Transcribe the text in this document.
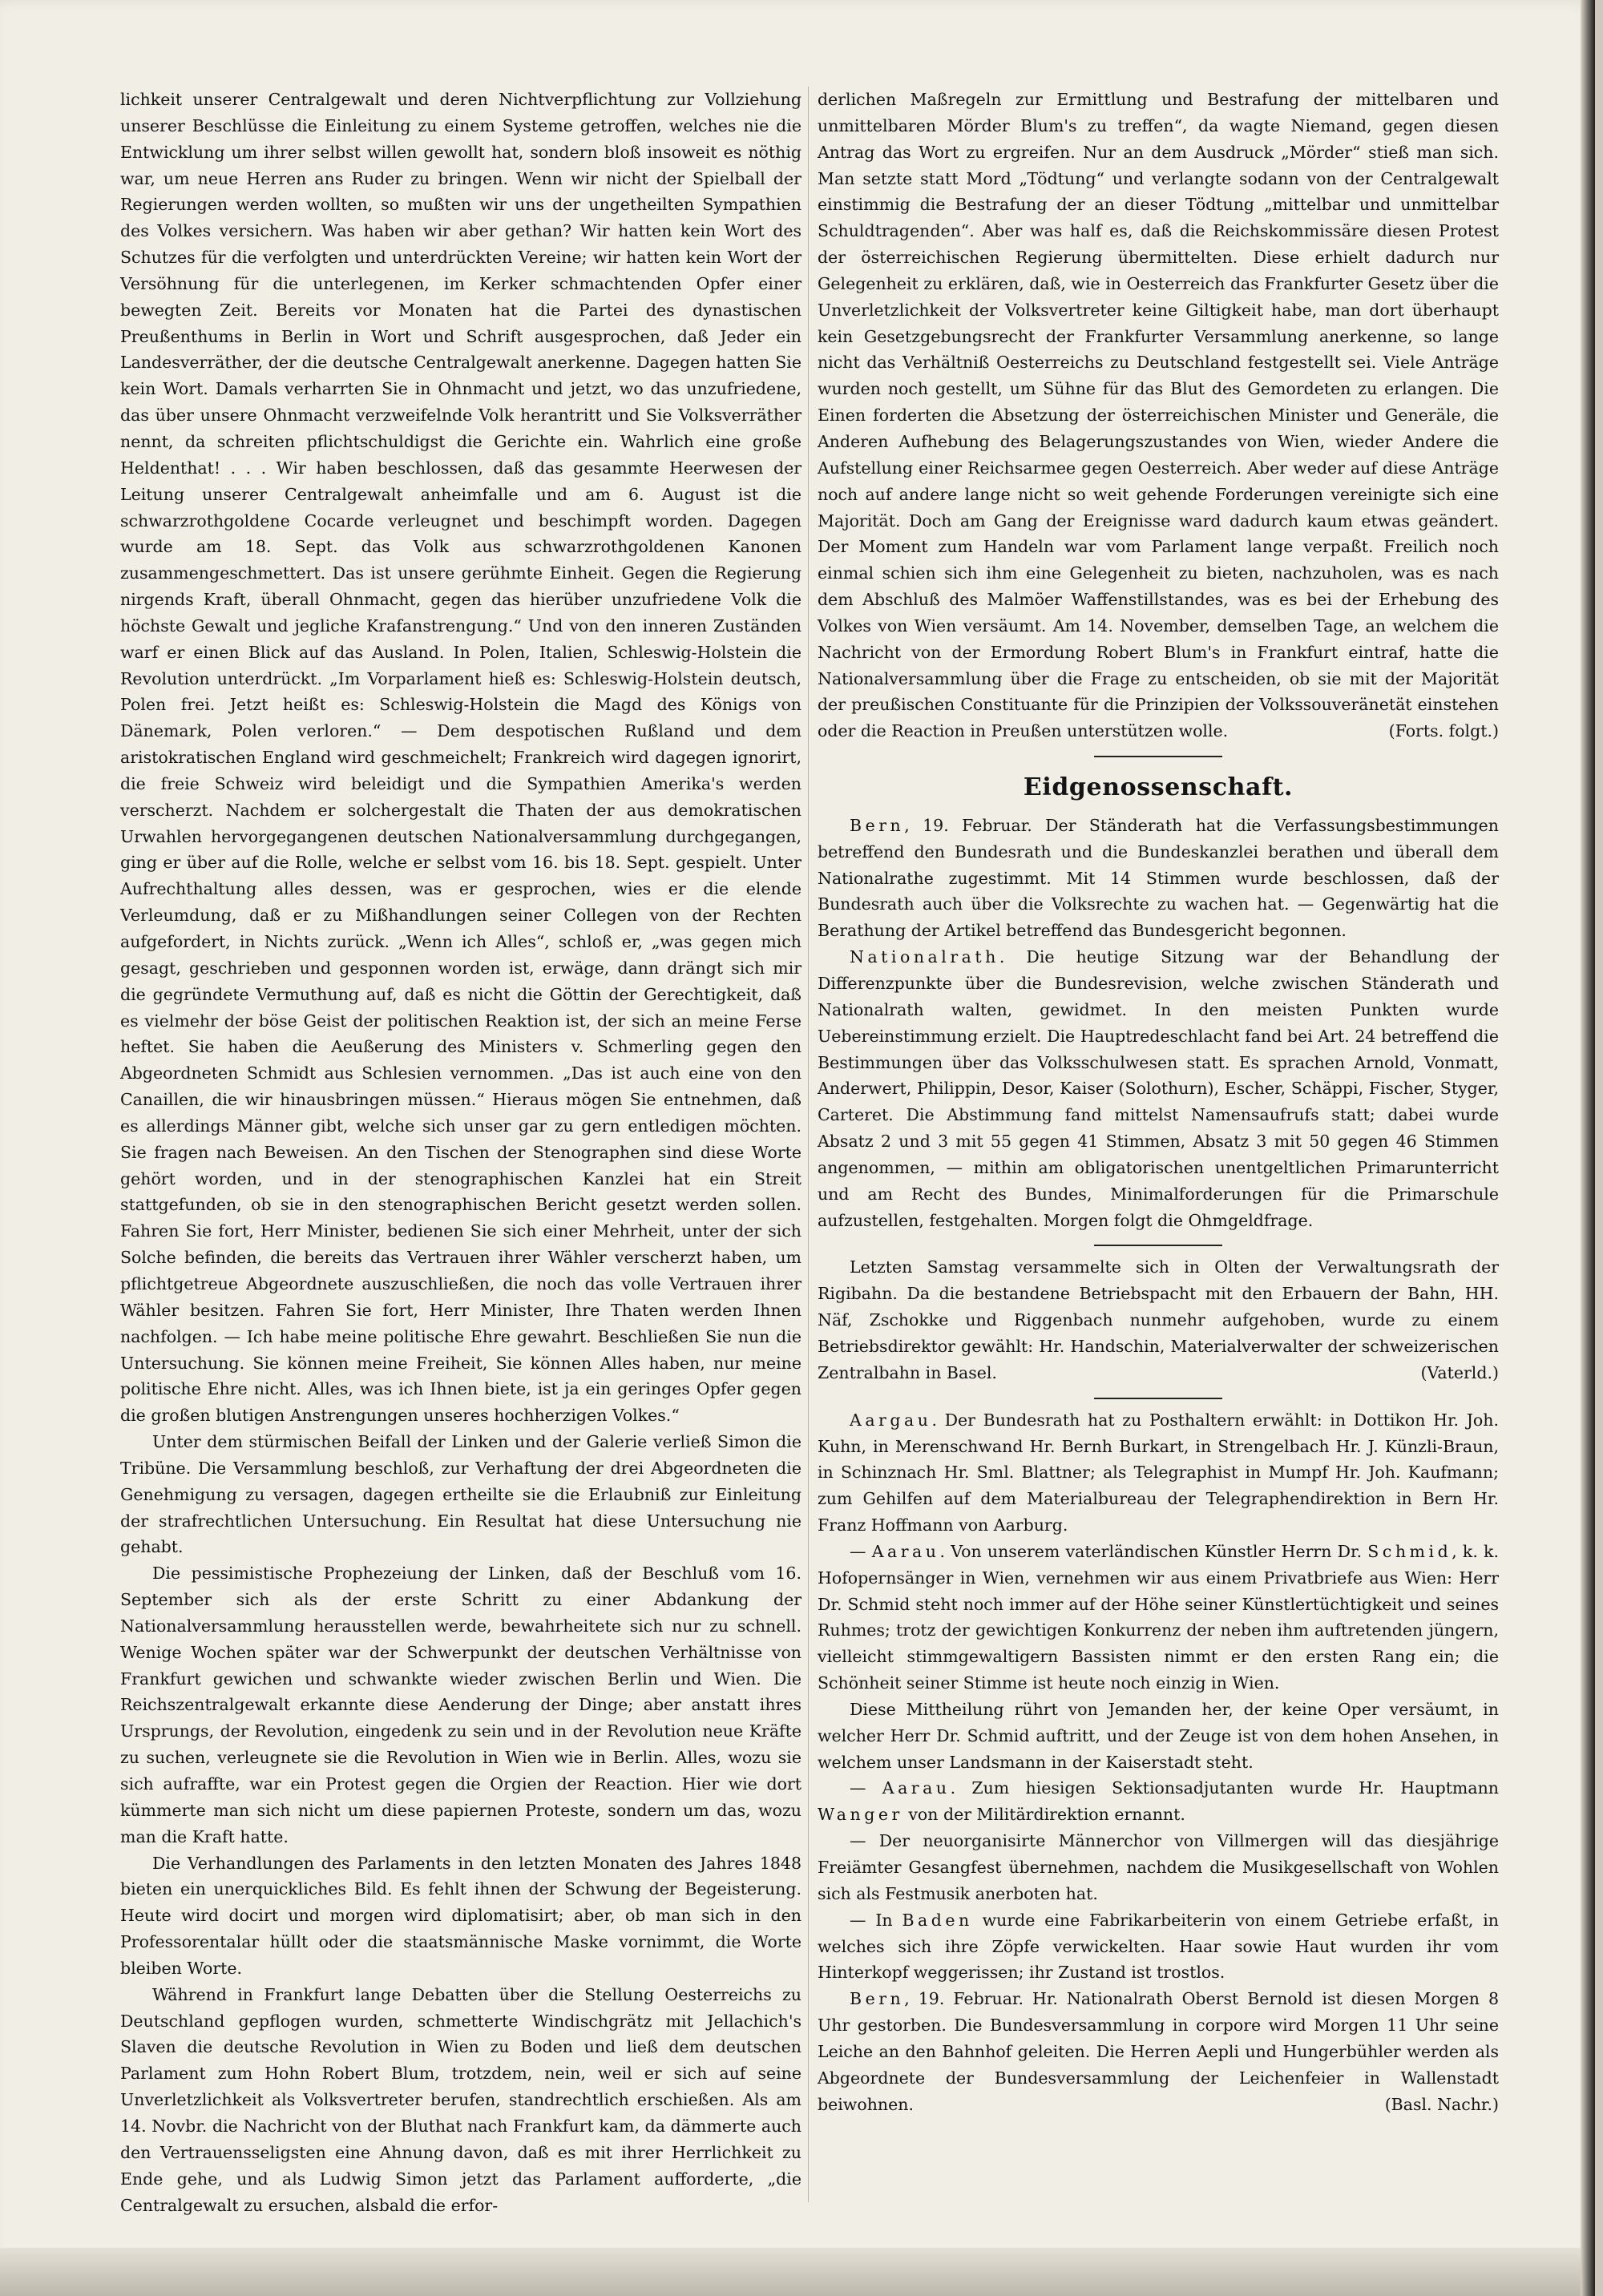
lichkeit unserer Centralgewalt und deren Nichtverpflichtung zur Vollziehung unserer Beschlüsse die Einleitung zu einem Systeme getroffen, welches nie die Entwicklung um ihrer selbst willen gewollt hat, sondern bloß insoweit es nöthig war, um neue Herren ans Ruder zu bringen. Wenn wir nicht der Spielball der Regierungen werden wollten, so mußten wir uns der ungetheilten Sympathien des Volkes versichern. Was haben wir aber gethan? Wir hatten kein Wort des Schutzes für die verfolgten und unterdrückten Vereine; wir hatten kein Wort der Versöhnung für die unterlegenen, im Kerker schmachtenden Opfer einer bewegten Zeit. Bereits vor Monaten hat die Partei des dynastischen Preußenthums in Berlin in Wort und Schrift ausgesprochen, daß Jeder ein Landesverräther, der die deutsche Centralgewalt anerkenne. Dagegen hatten Sie kein Wort. Damals verharrten Sie in Ohnmacht und jetzt, wo das unzufriedene, das über unsere Ohnmacht verzweifelnde Volk herantritt und Sie Volksverräther nennt, da schreiten pflichtschuldigst die Gerichte ein. Wahrlich eine große Heldenthat! . . . Wir haben beschlossen, daß das gesammte Heerwesen der Leitung unserer Centralgewalt anheimfalle und am 6. August ist die schwarzrothgoldene Cocarde verleugnet und beschimpft worden. Dagegen wurde am 18. Sept. das Volk aus schwarzrothgoldenen Kanonen zusammengeschmettert. Das ist unsere gerühmte Einheit. Gegen die Regierung nirgends Kraft, überall Ohnmacht, gegen das hierüber unzufriedene Volk die höchste Gewalt und jegliche Krafanstrengung.“ Und von den inneren Zuständen warf er einen Blick auf das Ausland. In Polen, Italien, Schleswig-Holstein die Revolution unterdrückt. „Im Vorparlament hieß es: Schleswig-Holstein deutsch, Polen frei. Jetzt heißt es: Schleswig-Holstein die Magd des Königs von Dänemark, Polen verloren.“ — Dem despotischen Rußland und dem aristokratischen England wird geschmeichelt; Frankreich wird dagegen ignorirt, die freie Schweiz wird beleidigt und die Sympathien Amerika's werden verscherzt. Nachdem er solchergestalt die Thaten der aus demokratischen Urwahlen hervorgegangenen deutschen Nationalversammlung durchgegangen, ging er über auf die Rolle, welche er selbst vom 16. bis 18. Sept. gespielt. Unter Aufrechthaltung alles dessen, was er gesprochen, wies er die elende Verleumdung, daß er zu Mißhandlungen seiner Collegen von der Rechten aufgefordert, in Nichts zurück. „Wenn ich Alles“, schloß er, „was gegen mich gesagt, geschrieben und gesponnen worden ist, erwäge, dann drängt sich mir die gegründete Vermuthung auf, daß es nicht die Göttin der Gerechtigkeit, daß es vielmehr der böse Geist der politischen Reaktion ist, der sich an meine Ferse heftet. Sie haben die Aeußerung des Ministers v. Schmerling gegen den Abgeordneten Schmidt aus Schlesien vernommen. „Das ist auch eine von den Canaillen, die wir hinausbringen müssen.“ Hieraus mögen Sie entnehmen, daß es allerdings Männer gibt, welche sich unser gar zu gern entledigen möchten. Sie fragen nach Beweisen. An den Tischen der Stenographen sind diese Worte gehört worden, und in der stenographischen Kanzlei hat ein Streit stattgefunden, ob sie in den stenographischen Bericht gesetzt werden sollen. Fahren Sie fort, Herr Minister, bedienen Sie sich einer Mehrheit, unter der sich Solche befinden, die bereits das Vertrauen ihrer Wähler verscherzt haben, um pflichtgetreue Abgeordnete auszuschließen, die noch das volle Vertrauen ihrer Wähler besitzen. Fahren Sie fort, Herr Minister, Ihre Thaten werden Ihnen nachfolgen. — Ich habe meine politische Ehre gewahrt. Beschließen Sie nun die Untersuchung. Sie können meine Freiheit, Sie können Alles haben, nur meine politische Ehre nicht. Alles, was ich Ihnen biete, ist ja ein geringes Opfer gegen die großen blutigen Anstrengungen unseres hochherzigen Volkes.“

Unter dem stürmischen Beifall der Linken und der Galerie verließ Simon die Tribüne. Die Versammlung beschloß, zur Verhaftung der drei Abgeordneten die Genehmigung zu versagen, dagegen ertheilte sie die Erlaubniß zur Einleitung der strafrechtlichen Untersuchung. Ein Resultat hat diese Untersuchung nie gehabt.

Die pessimistische Prophezeiung der Linken, daß der Beschluß vom 16. September sich als der erste Schritt zu einer Abdankung der Nationalversammlung herausstellen werde, bewahrheitete sich nur zu schnell. Wenige Wochen später war der Schwerpunkt der deutschen Verhältnisse von Frankfurt gewichen und schwankte wieder zwischen Berlin und Wien. Die Reichszentralgewalt erkannte diese Aenderung der Dinge; aber anstatt ihres Ursprungs, der Revolution, eingedenk zu sein und in der Revolution neue Kräfte zu suchen, verleugnete sie die Revolution in Wien wie in Berlin. Alles, wozu sie sich aufraffte, war ein Protest gegen die Orgien der Reaction. Hier wie dort kümmerte man sich nicht um diese papiernen Proteste, sondern um das, wozu man die Kraft hatte.

Die Verhandlungen des Parlaments in den letzten Monaten des Jahres 1848 bieten ein unerquickliches Bild. Es fehlt ihnen der Schwung der Begeisterung. Heute wird docirt und morgen wird diplomatisirt; aber, ob man sich in den Professorentalar hüllt oder die staatsmännische Maske vornimmt, die Worte bleiben Worte.

Während in Frankfurt lange Debatten über die Stellung Oesterreichs zu Deutschland gepflogen wurden, schmetterte Windischgrätz mit Jellachich's Slaven die deutsche Revolution in Wien zu Boden und ließ dem deutschen Parlament zum Hohn Robert Blum, trotzdem, nein, weil er sich auf seine Unverletzlichkeit als Volksvertreter berufen, standrechtlich erschießen. Als am 14. Novbr. die Nachricht von der Bluthat nach Frankfurt kam, da dämmerte auch den Vertrauensseligsten eine Ahnung davon, daß es mit ihrer Herrlichkeit zu Ende gehe, und als Ludwig Simon jetzt das Parlament aufforderte, „die Centralgewalt zu ersuchen, alsbald die erfor-

derlichen Maßregeln zur Ermittlung und Bestrafung der mittelbaren und unmittelbaren Mörder Blum's zu treffen“, da wagte Niemand, gegen diesen Antrag das Wort zu ergreifen. Nur an dem Ausdruck „Mörder“ stieß man sich. Man setzte statt Mord „Tödtung“ und verlangte sodann von der Centralgewalt einstimmig die Bestrafung der an dieser Tödtung „mittelbar und unmittelbar Schuldtragenden“. Aber was half es, daß die Reichskommissäre diesen Protest der österreichischen Regierung übermittelten. Diese erhielt dadurch nur Gelegenheit zu erklären, daß, wie in Oesterreich das Frankfurter Gesetz über die Unverletzlichkeit der Volksvertreter keine Giltigkeit habe, man dort überhaupt kein Gesetzgebungsrecht der Frankfurter Versammlung anerkenne, so lange nicht das Verhältniß Oesterreichs zu Deutschland festgestellt sei. Viele Anträge wurden noch gestellt, um Sühne für das Blut des Gemordeten zu erlangen. Die Einen forderten die Absetzung der österreichischen Minister und Generäle, die Anderen Aufhebung des Belagerungszustandes von Wien, wieder Andere die Aufstellung einer Reichsarmee gegen Oesterreich. Aber weder auf diese Anträge noch auf andere lange nicht so weit gehende Forderungen vereinigte sich eine Majorität. Doch am Gang der Ereignisse ward dadurch kaum etwas geändert. Der Moment zum Handeln war vom Parlament lange verpaßt. Freilich noch einmal schien sich ihm eine Gelegenheit zu bieten, nachzuholen, was es nach dem Abschluß des Malmöer Waffenstillstandes, was es bei der Erhebung des Volkes von Wien versäumt. Am 14. November, demselben Tage, an welchem die Nachricht von der Ermordung Robert Blum's in Frankfurt eintraf, hatte die Nationalversammlung über die Frage zu entscheiden, ob sie mit der Majorität der preußischen Constituante für die Prinzipien der Volkssouveränetät einstehen oder die Reaction in Preußen unterstützen wolle.	(Forts. folgt.)

Eidgenossenschaft.

Bern, 19. Februar. Der Ständerath hat die Verfassungsbestimmungen betreffend den Bundesrath und die Bundeskanzlei berathen und überall dem Nationalrathe zugestimmt. Mit 14 Stimmen wurde beschlossen, daß der Bundesrath auch über die Volksrechte zu wachen hat. — Gegenwärtig hat die Berathung der Artikel betreffend das Bundesgericht begonnen.

Nationalrath. Die heutige Sitzung war der Behandlung der Differenzpunkte über die Bundesrevision, welche zwischen Ständerath und Nationalrath walten, gewidmet. In den meisten Punkten wurde Uebereinstimmung erzielt. Die Hauptredeschlacht fand bei Art. 24 betreffend die Bestimmungen über das Volksschulwesen statt. Es sprachen Arnold, Vonmatt, Anderwert, Philippin, Desor, Kaiser (Solothurn), Escher, Schäppi, Fischer, Styger, Carteret. Die Abstimmung fand mittelst Namensaufrufs statt; dabei wurde Absatz 2 und 3 mit 55 gegen 41 Stimmen, Absatz 3 mit 50 gegen 46 Stimmen angenommen, — mithin am obligatorischen unentgeltlichen Primarunterricht und am Recht des Bundes, Minimalforderungen für die Primarschule aufzustellen, festgehalten. Morgen folgt die Ohmgeldfrage.

Letzten Samstag versammelte sich in Olten der Verwaltungsrath der Rigibahn. Da die bestandene Betriebspacht mit den Erbauern der Bahn, HH. Näf, Zschokke und Riggenbach nunmehr aufgehoben, wurde zu einem Betriebsdirektor gewählt: Hr. Handschin, Materialverwalter der schweizerischen Zentralbahn in Basel.	(Vaterld.)

Aargau. Der Bundesrath hat zu Posthaltern erwählt: in Dottikon Hr. Joh. Kuhn, in Merenschwand Hr. Bernh Burkart, in Strengelbach Hr. J. Künzli-Braun, in Schinznach Hr. Sml. Blattner; als Telegraphist in Mumpf Hr. Joh. Kaufmann; zum Gehilfen auf dem Materialbureau der Telegraphendirektion in Bern Hr. Franz Hoffmann von Aarburg.

— Aarau. Von unserem vaterländischen Künstler Herrn Dr. Schmid, k. k. Hofopernsänger in Wien, vernehmen wir aus einem Privatbriefe aus Wien: Herr Dr. Schmid steht noch immer auf der Höhe seiner Künstlertüchtigkeit und seines Ruhmes; trotz der gewichtigen Konkurrenz der neben ihm auftretenden jüngern, vielleicht stimmgewaltigern Bassisten nimmt er den ersten Rang ein; die Schönheit seiner Stimme ist heute noch einzig in Wien.

Diese Mittheilung rührt von Jemanden her, der keine Oper versäumt, in welcher Herr Dr. Schmid auftritt, und der Zeuge ist von dem hohen Ansehen, in welchem unser Landsmann in der Kaiserstadt steht.

— Aarau. Zum hiesigen Sektionsadjutanten wurde Hr. Hauptmann Wanger von der Militärdirektion ernannt.

— Der neuorganisirte Männerchor von Villmergen will das diesjährige Freiämter Gesangfest übernehmen, nachdem die Musikgesellschaft von Wohlen sich als Festmusik anerboten hat.

— In Baden wurde eine Fabrikarbeiterin von einem Getriebe erfaßt, in welches sich ihre Zöpfe verwickelten. Haar sowie Haut wurden ihr vom Hinterkopf weggerissen; ihr Zustand ist trostlos.

Bern, 19. Februar. Hr. Nationalrath Oberst Bernold ist diesen Morgen 8 Uhr gestorben. Die Bundesversammlung in corpore wird Morgen 11 Uhr seine Leiche an den Bahnhof geleiten. Die Herren Aepli und Hungerbühler werden als Abgeordnete der Bundesversammlung der Leichenfeier in Wallenstadt beiwohnen.	(Basl. Nachr.)
